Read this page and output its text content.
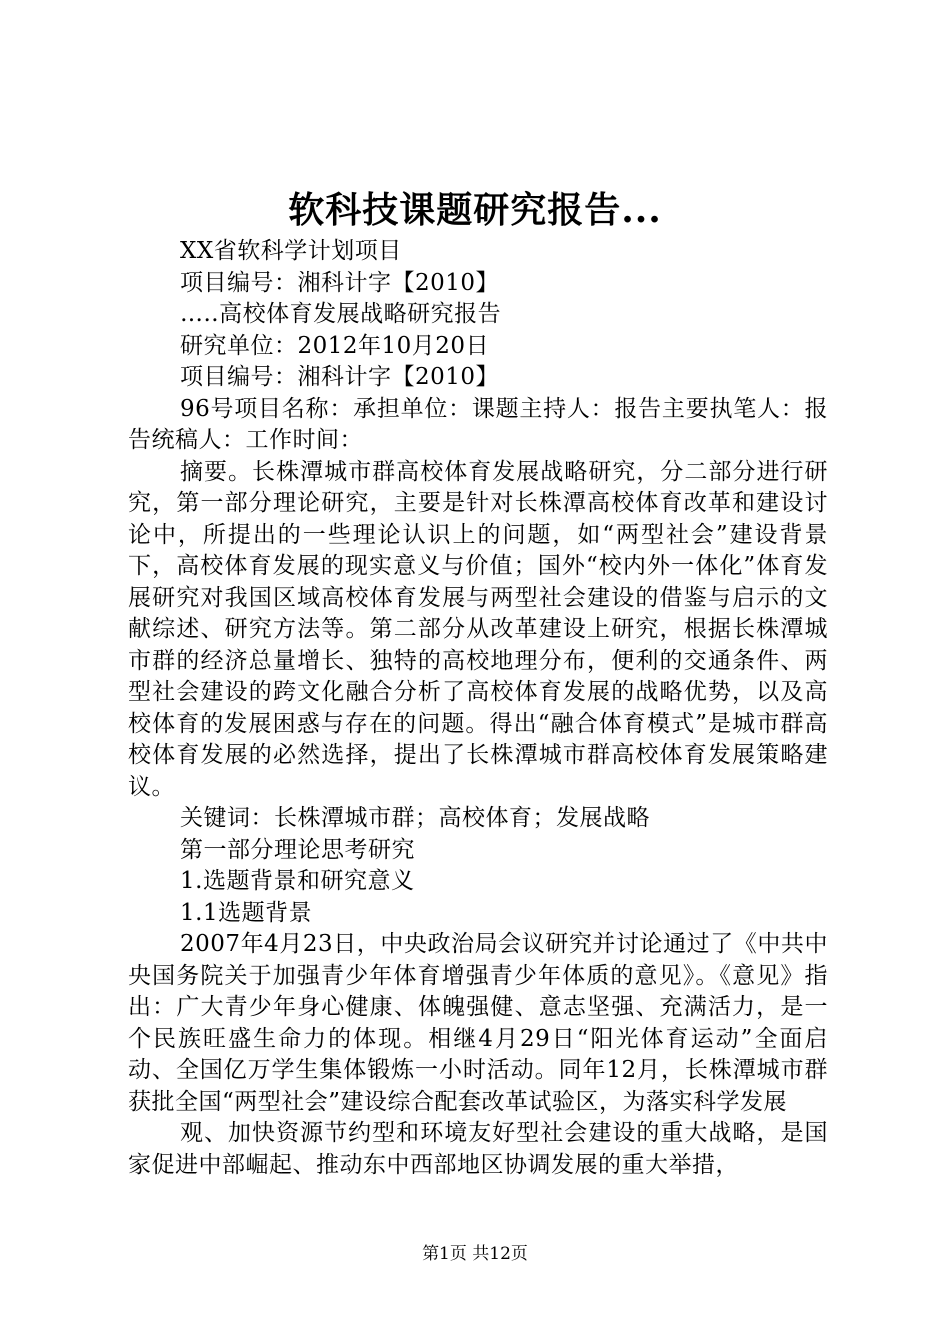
软科技课题研究报告...

XX省软科学计划项目

项目编号：湘科计字【2010】

…..高校体育发展战略研究报告

研究单位：2012年10月20日

项目编号：湘科计字【2010】

96号项目名称：承担单位：课题主持人：报告主要执笔人：报告统稿人：工作时间：

摘要。长株潭城市群高校体育发展战略研究，分二部分进行研究，第一部分理论研究，主要是针对长株潭高校体育改革和建设讨论中，所提出的一些理论认识上的问题，如“两型社会”建设背景下，高校体育发展的现实意义与价值；国外“校内外一体化”体育发展研究对我国区域高校体育发展与两型社会建设的借鉴与启示的文献综述、研究方法等。第二部分从改革建设上研究，根据长株潭城市群的经济总量增长、独特的高校地理分布，便利的交通条件、两型社会建设的跨文化融合分析了高校体育发展的战略优势，以及高校体育的发展困惑与存在的问题。得出“融合体育模式”是城市群高校体育发展的必然选择，提出了长株潭城市群高校体育发展策略建议。

关键词：长株潭城市群；高校体育；发展战略

第一部分理论思考研究

1.选题背景和研究意义

1.1选题背景

2007年4月23日，中央政治局会议研究并讨论通过了《中共中央国务院关于加强青少年体育增强青少年体质的意见》。《意见》指出：广大青少年身心健康、体魄强健、意志坚强、充满活力，是一个民族旺盛生命力的体现。相继4月29日“阳光体育运动”全面启动、全国亿万学生集体锻炼一小时活动。同年12月，长株潭城市群获批全国“两型社会”建设综合配套改革试验区，为落实科学发展

观、加快资源节约型和环境友好型社会建设的重大战略，是国家促进中部崛起、推动东中西部地区协调发展的重大举措，

第1页 共12页
